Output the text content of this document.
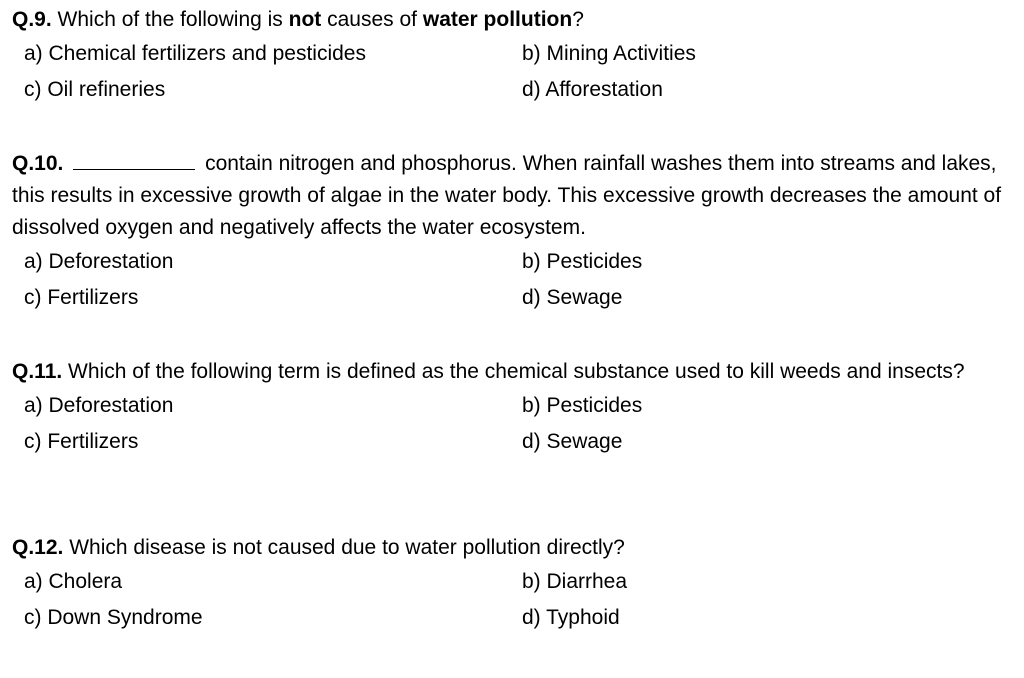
Q.9. Which of the following is not causes of water pollution?

a) Chemical fertilizers and pesticides	b) Mining Activities
c) Oil refineries	d) Afforestation

Q.10.	contain nitrogen and phosphorus. When rainfall washes them into streams and lakes, this results in excessive growth of algae in the water body. This excessive growth decreases the amount of dissolved oxygen and negatively affects the water ecosystem.

a) Deforestation	b) Pesticides
c) Fertilizers	d) Sewage

Q.11. Which of the following term is defined as the chemical substance used to kill weeds and insects?

a) Deforestation	b) Pesticides
c) Fertilizers	d) Sewage

Q.12. Which disease is not caused due to water pollution directly?

a) Cholera	b) Diarrhea
c) Down Syndrome	d) Typhoid
